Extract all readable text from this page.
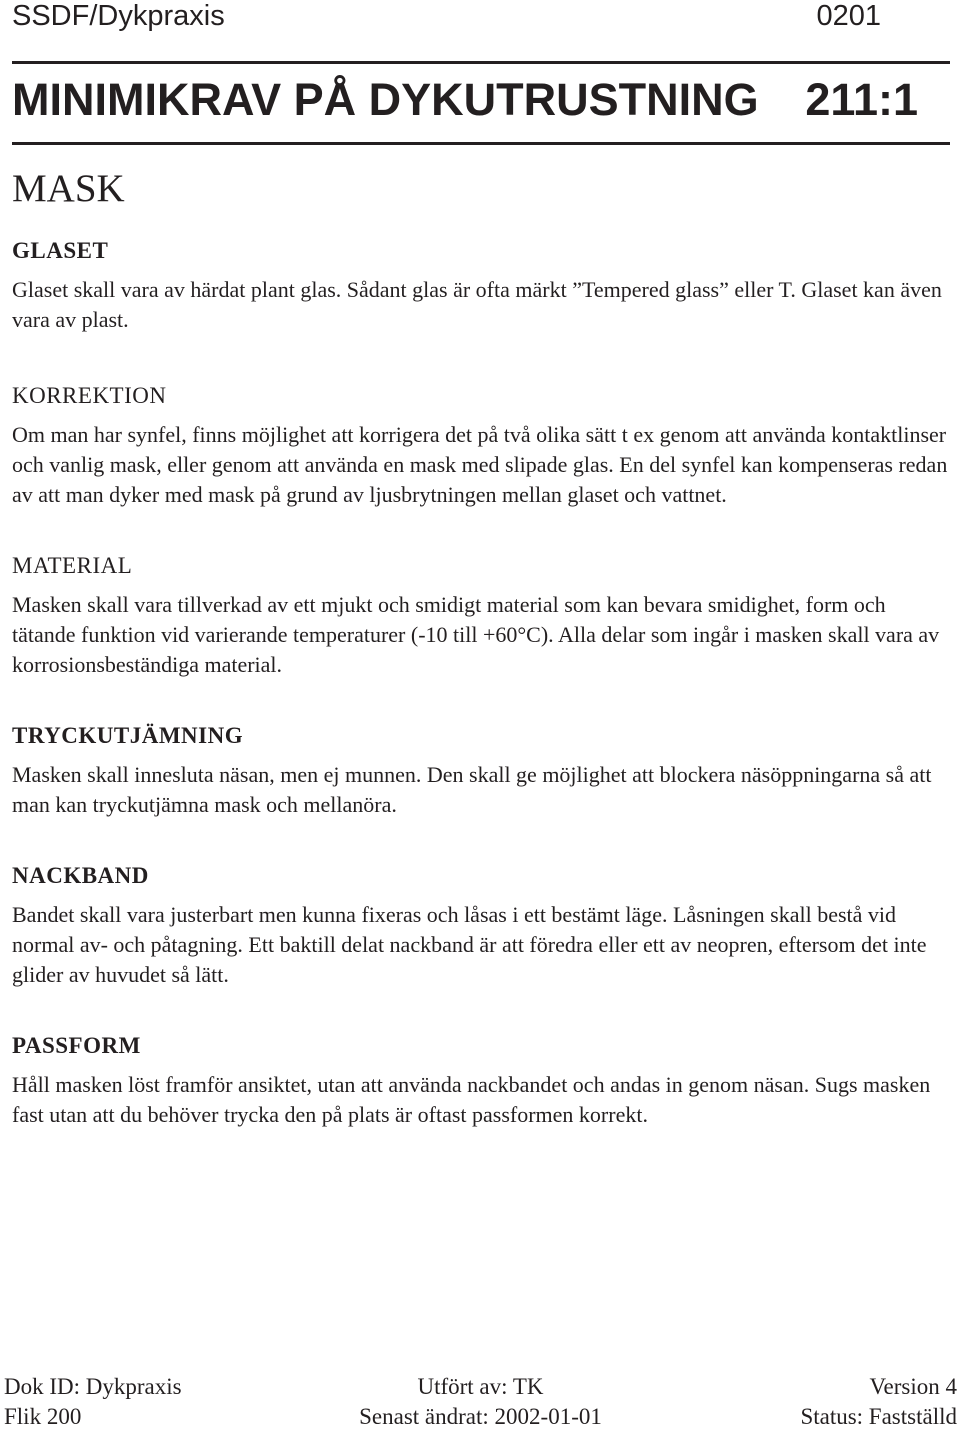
SSDF/Dykpraxis	0201
MINIMIKRAV PÅ DYKUTRUSTNING 211:1
MASK
GLASET

Glaset skall vara av härdat plant glas. Sådant glas är ofta märkt ”Tempered glass” eller T. Glaset kan även vara av plast.

KORREKTION

Om man har synfel, finns möjlighet att korrigera det på två olika sätt t ex genom att använda kontaktlinser och vanlig mask, eller genom att använda en mask med slipade glas. En del synfel kan kompenseras redan av att man dyker med mask på grund av ljusbrytningen mellan glaset och vattnet.

MATERIAL

Masken skall vara tillverkad av ett mjukt och smidigt material som kan bevara smidighet, form och tätande funktion vid varierande temperaturer (-10 till +60°C). Alla delar som ingår i masken skall vara av korrosionsbeständiga material.

TRYCKUTJÄMNING

Masken skall innesluta näsan, men ej munnen. Den skall ge möjlighet att blockera näsöppningarna så att man kan tryckutjämna mask och mellanöra.

NACKBAND

Bandet skall vara justerbart men kunna fixeras och låsas i ett bestämt läge. Låsningen skall bestå vid normal av- och påtagning. Ett baktill delat nackband är att föredra eller ett av neopren, eftersom det inte glider av huvudet så lätt.

PASSFORM

Håll masken löst framför ansiktet, utan att använda nackbandet och andas in genom näsan. Sugs masken fast utan att du behöver trycka den på plats är oftast passformen korrekt.

Dok ID: Dykpraxis	Utfört av: TK	Version 4
Flik 200	Senast ändrat: 2002-01-01	Status: Fastställd
